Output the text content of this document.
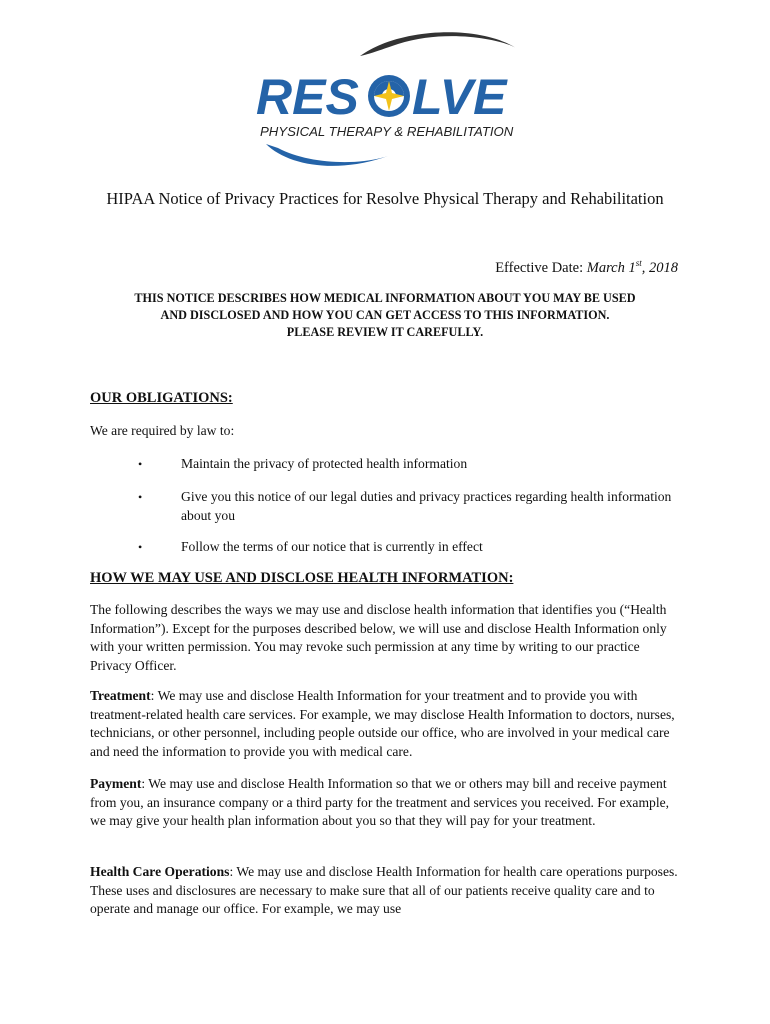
RES LVE
PHYSICAL THERAPY & REHABILITATION
HIPAA Notice of Privacy Practices for Resolve Physical Therapy and Rehabilitation
Effective Date: March 1st, 2018
THIS NOTICE DESCRIBES HOW MEDICAL INFORMATION ABOUT YOU MAY BE USED
AND DISCLOSED AND HOW YOU CAN GET ACCESS TO THIS INFORMATION.
PLEASE REVIEW IT CAREFULLY.
OUR OBLIGATIONS:
We are required by law to:
•	Maintain the privacy of protected health information
•	Give you this notice of our legal duties and privacy practices regarding health information about you
•	Follow the terms of our notice that is currently in effect
HOW WE MAY USE AND DISCLOSE HEALTH INFORMATION:
The following describes the ways we may use and disclose health information that identifies you (“Health Information”). Except for the purposes described below, we will use and disclose Health Information only with your written permission. You may revoke such permission at any time by writing to our practice Privacy Officer.
Treatment: We may use and disclose Health Information for your treatment and to provide you with treatment-related health care services. For example, we may disclose Health Information to doctors, nurses, technicians, or other personnel, including people outside our office, who are involved in your medical care and need the information to provide you with medical care.
Payment: We may use and disclose Health Information so that we or others may bill and receive payment from you, an insurance company or a third party for the treatment and services you received. For example, we may give your health plan information about you so that they will pay for your treatment.
Health Care Operations: We may use and disclose Health Information for health care operations purposes. These uses and disclosures are necessary to make sure that all of our patients receive quality care and to operate and manage our office. For example, we may use
